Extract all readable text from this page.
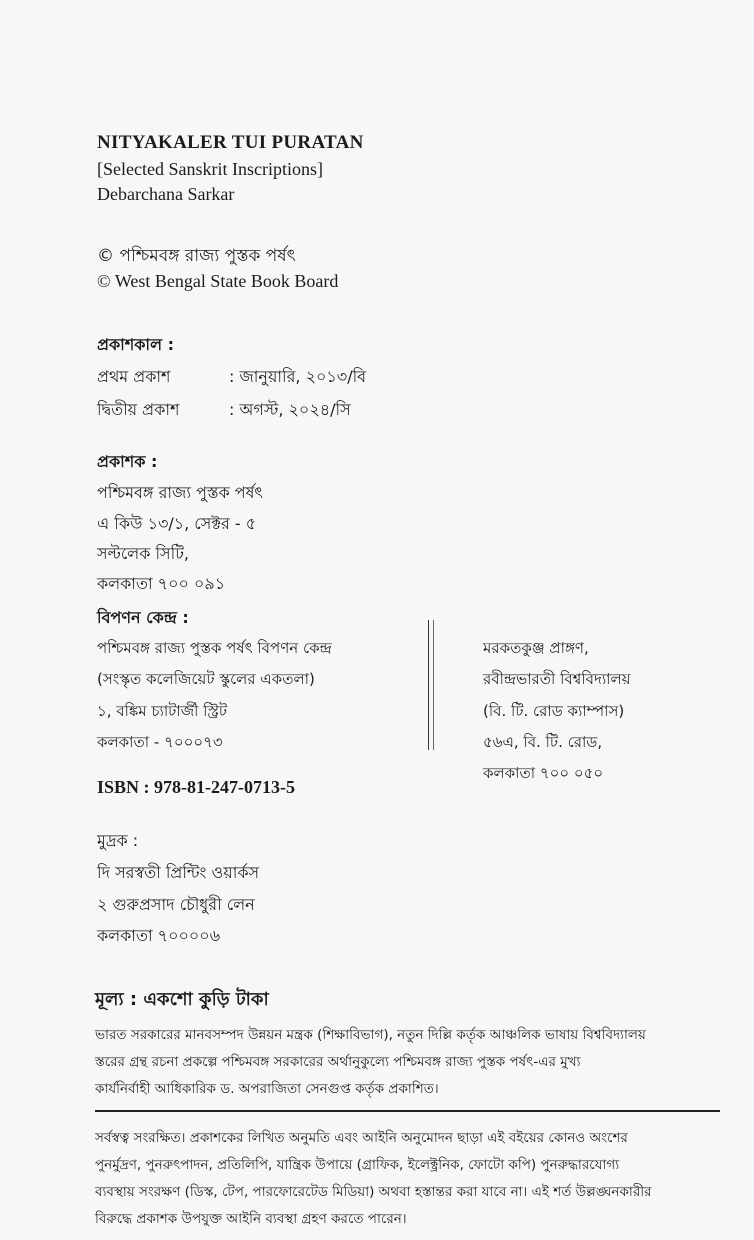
NITYAKALER TUI PURATAN
[Selected Sanskrit Inscriptions]
Debarchana Sarkar
© পশ্চিমবঙ্গ রাজ্য পুস্তক পর্ষৎ
© West Bengal State Book Board
প্রকাশকাল :
প্রথম প্রকাশ	: জানুয়ারি, ২০১৩/বি
দ্বিতীয় প্রকাশ	: অগস্ট, ২০২৪/সি
প্রকাশক :
পশ্চিমবঙ্গ রাজ্য পুস্তক পর্ষৎ
এ কিউ ১৩/১, সেক্টর - ৫
সল্টলেক সিটি,
কলকাতা ৭০০ ০৯১
বিপণন কেন্দ্র :
পশ্চিমবঙ্গ রাজ্য পুস্তক পর্ষৎ বিপণন কেন্দ্র
(সংস্কৃত কলেজিয়েট স্কুলের একতলা)
১, বঙ্কিম চ্যাটার্জী স্ট্রিট
কলকাতা - ৭০০০৭৩
মরকতকুঞ্জ প্রাঙ্গণ,
রবীন্দ্রভারতী বিশ্ববিদ্যালয়
(বি. টি. রোড ক্যাম্পাস)
৫৬এ, বি. টি. রোড,
কলকাতা ৭০০ ০৫০
ISBN : 978-81-247-0713-5
মুদ্রক :
দি সরস্বতী প্রিন্টিং ওয়ার্কস
২ গুরুপ্রসাদ চৌধুরী লেন
কলকাতা ৭০০০০৬
মূল্য : একশো কুড়ি টাকা
ভারত সরকারের মানবসম্পদ উন্নয়ন মন্ত্রক (শিক্ষাবিভাগ), নতুন দিল্লি কর্তৃক আঞ্চলিক ভাষায় বিশ্ববিদ্যালয়
স্তরের গ্রন্থ রচনা প্রকল্পে পশ্চিমবঙ্গ সরকারের অর্থানুকুল্যে পশ্চিমবঙ্গ রাজ্য পুস্তক পর্ষৎ-এর মুখ্য
কার্যনির্বাহী আধিকারিক ড. অপরাজিতা সেনগুপ্ত কর্তৃক প্রকাশিত।
সর্বস্বত্ব সংরক্ষিত। প্রকাশকের লিখিত অনুমতি এবং আইনি অনুমোদন ছাড়া এই বইয়ের কোনও অংশের
পুনর্মুদ্রণ, পুনরুৎপাদন, প্রতিলিপি, যান্ত্রিক উপায়ে (গ্রাফিক, ইলেক্ট্রনিক, ফোটো কপি) পুনরুদ্ধারযোগ্য
ব্যবস্থায় সংরক্ষণ (ডিস্ক, টেপ, পারফোরেটেড মিডিয়া) অথবা হস্তান্তর করা যাবে না। এই শর্ত উল্লঙ্ঘনকারীর
বিরুদ্ধে প্রকাশক উপযুক্ত আইনি ব্যবস্থা গ্রহণ করতে পারেন।
